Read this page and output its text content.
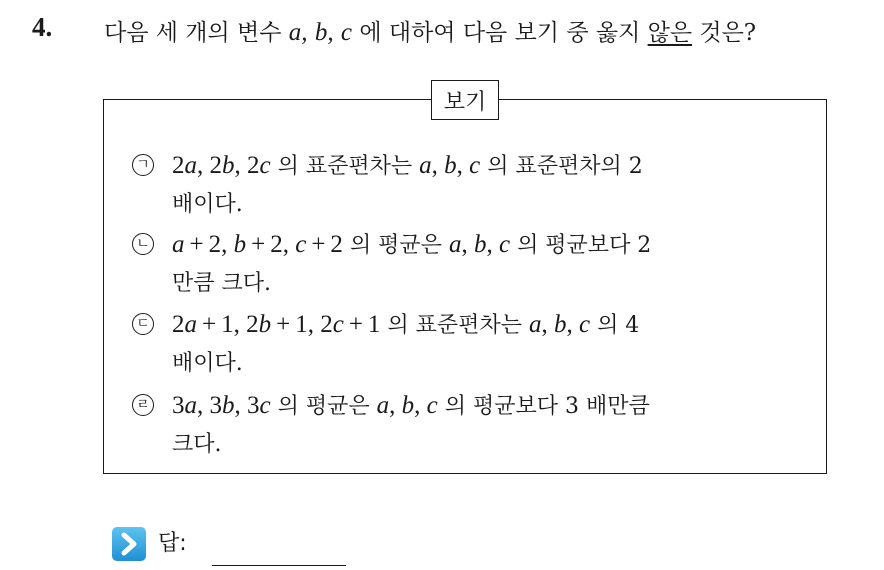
4. 다음 세 개의 변수 a, b, c 에 대하여 다음 보기 중 옳지 않은 것은?
보기
ㄱ 2a, 2b, 2c 의 표준편차는 a, b, c 의 표준편차의 2
배이다.
ㄴ a + 2, b + 2, c + 2 의 평균은 a, b, c 의 평균보다 2
만큼 크다.
ㄷ 2a + 1, 2b + 1, 2c + 1 의 표준편차는 a, b, c 의 4
배이다.
ㄹ 3a, 3b, 3c 의 평균은 a, b, c 의 평균보다 3 배만큼
크다.
답:
